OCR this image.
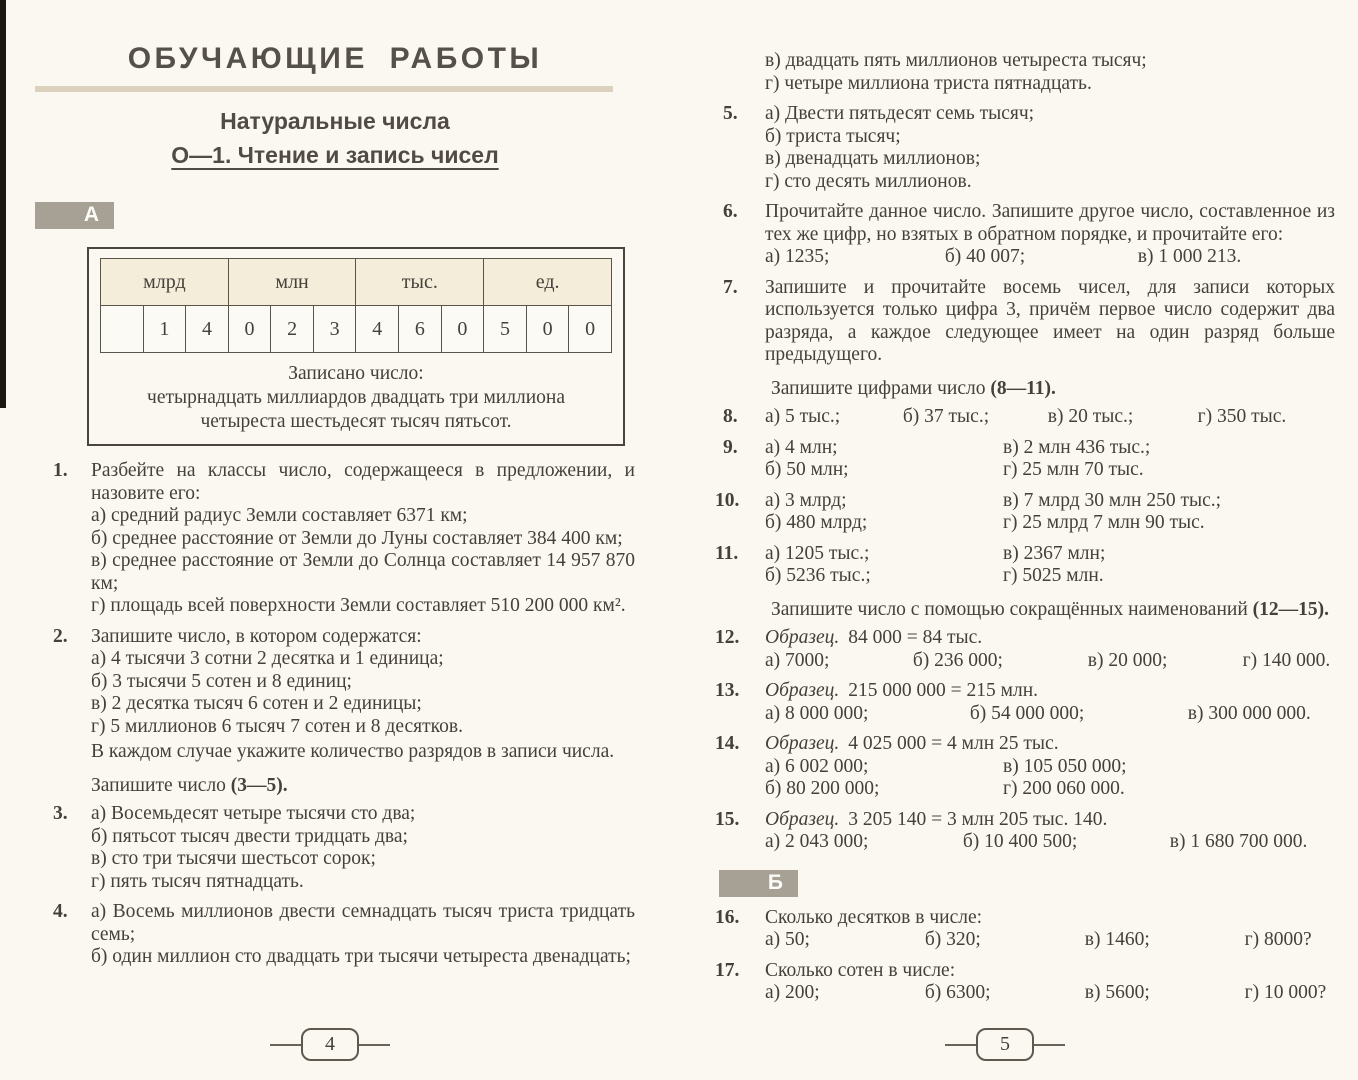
ОБУЧАЮЩИЕ РАБОТЫ
Натуральные числа
О—1. Чтение и запись чисел
А
млрд			млн			тыс.			ед.		
	1	4	0	2	3	4	6	0	5	0	0
Записано число:
четырнадцать миллиардов двадцать три миллиона
четыреста шестьдесят тысяч пятьсот.
1.	Разбейте на классы число, содержащееся в предложении, и назовите его:

а) средний радиус Земли составляет 6371 км;

б) среднее расстояние от Земли до Луны составляет 384 400 км;

в) среднее расстояние от Земли до Солнца составляет 14 957 870 км;

г) площадь всей поверхности Земли составляет 510 200 000 км².

2.	Запишите число, в котором содержатся:

а) 4 тысячи 3 сотни 2 десятка и 1 единица;

б) 3 тысячи 5 сотен и 8 единиц;

в) 2 десятка тысяч 6 сотен и 2 единицы;

г) 5 миллионов 6 тысяч 7 сотен и 8 десятков.

В каждом случае укажите количество разрядов в записи числа.

Запишите число (3—5).
3.	а) Восемьдесят четыре тысячи сто два;

б) пятьсот тысяч двести тридцать два;

в) сто три тысячи шестьсот сорок;

г) пять тысяч пятнадцать.

4.	а) Восемь миллионов двести семнадцать тысяч триста тридцать семь;

б) один миллион сто двадцать три тысячи четыреста двенадцать;

в) двадцать пять миллионов четыреста тысяч;

г) четыре миллиона триста пятнадцать.

5.	а) Двести пятьдесят семь тысяч;

б) триста тысяч;

в) двенадцать миллионов;

г) сто десять миллионов.

6.	Прочитайте данное число. Запишите другое число, составленное из тех же цифр, но взятых в обратном порядке, и прочитайте его:

а) 1235;	б) 40 007;	в) 1 000 213.
7.	Запишите и прочитайте восемь чисел, для записи которых используется только цифра 3, причём первое число содержит два разряда, а каждое следующее имеет на один разряд больше предыдущего.

Запишите цифрами число (8—11).
8.	а) 5 тыс.;	б) 37 тыс.;	в) 20 тыс.;	г) 350 тыс.
9.	а) 4 млн;

б) 50 млн;

в) 2 млн 436 тыс.;

г) 25 млн 70 тыс.

10.	а) 3 млрд;

б) 480 млрд;

в) 7 млрд 30 млн 250 тыс.;

г) 25 млрд 7 млн 90 тыс.

11.	а) 1205 тыс.;

б) 5236 тыс.;

в) 2367 млн;

г) 5025 млн.

Запишите число с помощью сокращённых наименований (12—15).
12.	Образец. 84 000 = 84 тыс.

а) 7000;	б) 236 000;	в) 20 000;	г) 140 000.
13.	Образец. 215 000 000 = 215 млн.

а) 8 000 000;	б) 54 000 000;	в) 300 000 000.
14.	Образец. 4 025 000 = 4 млн 25 тыс.

а) 6 002 000;

б) 80 200 000;

в) 105 050 000;

г) 200 060 000.

15.	Образец. 3 205 140 = 3 млн 205 тыс. 140.

а) 2 043 000;	б) 10 400 500;	в) 1 680 700 000.
Б
16.	Сколько десятков в числе:

а) 50;	б) 320;	в) 1460;	г) 8000?
17.	Сколько сотен в числе:

а) 200;	б) 6300;	в) 5600;	г) 10 000?
4	5
